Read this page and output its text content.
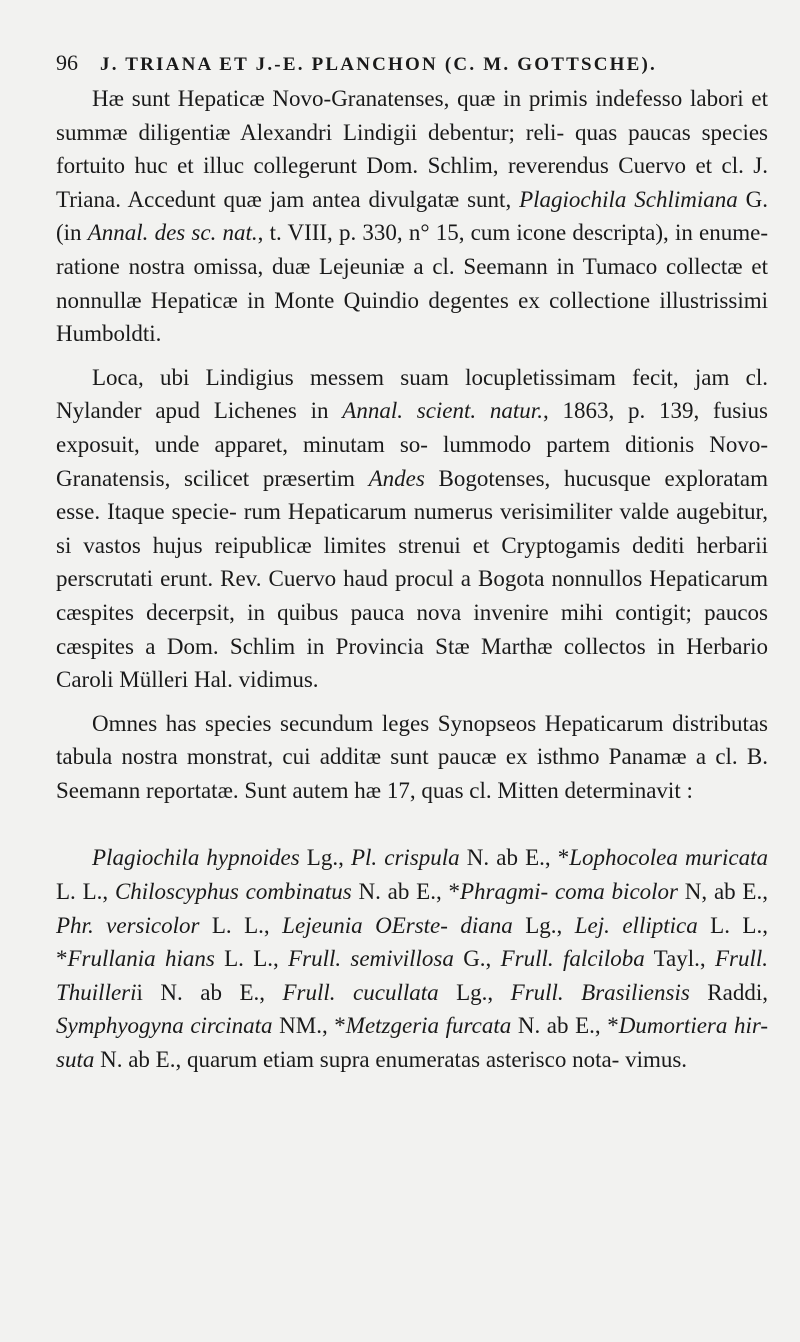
96 J. TRIANA ET J.-E. PLANCHON (C. M. GOTTSCHE).

Hæ sunt Hepaticæ Novo-Granatenses, quæ in primis indefesso labori et summæ diligentiæ Alexandri Lindigii debentur; reli- quas paucas species fortuito huc et illuc collegerunt Dom. Schlim, reverendus Cuervo et cl. J. Triana. Accedunt quæ jam antea divulgatæ sunt, Plagiochila Schlimiana G. (in Annal. des sc. nat., t. VIII, p. 330, n° 15, cum icone descripta), in enume- ratione nostra omissa, duæ Lejeuniæ a cl. Seemann in Tumaco collectæ et nonnullæ Hepaticæ in Monte Quindio degentes ex collectione illustrissimi Humboldti.

Loca, ubi Lindigius messem suam locupletissimam fecit, jam cl. Nylander apud Lichenes in Annal. scient. natur., 1863, p. 139, fusius exposuit, unde apparet, minutam so- lummodo partem ditionis Novo-Granatensis, scilicet præsertim Andes Bogotenses, hucusque exploratam esse. Itaque specie- rum Hepaticarum numerus verisimiliter valde augebitur, si vastos hujus reipublicæ limites strenui et Cryptogamis dediti herbarii perscrutati erunt. Rev. Cuervo haud procul a Bogota nonnullos Hepaticarum cæspites decerpsit, in quibus pauca nova invenire mihi contigit; paucos cæspites a Dom. Schlim in Provincia Stæ Marthæ collectos in Herbario Caroli Mülleri Hal. vidimus.

Omnes has species secundum leges Synopseos Hepaticarum distributas tabula nostra monstrat, cui additæ sunt paucæ ex isthmo Panamæ a cl. B. Seemann reportatæ. Sunt autem hæ 17, quas cl. Mitten determinavit :

Plagiochila hypnoides Lg., Pl. crispula N. ab E., *Lophocolea muricata L. L., Chiloscyphus combinatus N. ab E., *Phragmi- coma bicolor N, ab E., Phr. versicolor L. L., Lejeunia OErste- diana Lg., Lej. elliptica L. L., *Frullania hians L. L., Frull. semivillosa G., Frull. falciloba Tayl., Frull. Thuillerii N. ab E., Frull. cucullata Lg., Frull. Brasiliensis Raddi, Symphyogyna circinata NM., *Metzgeria furcata N. ab E., *Dumortiera hir- suta N. ab E., quarum etiam supra enumeratas asterisco nota- vimus.
